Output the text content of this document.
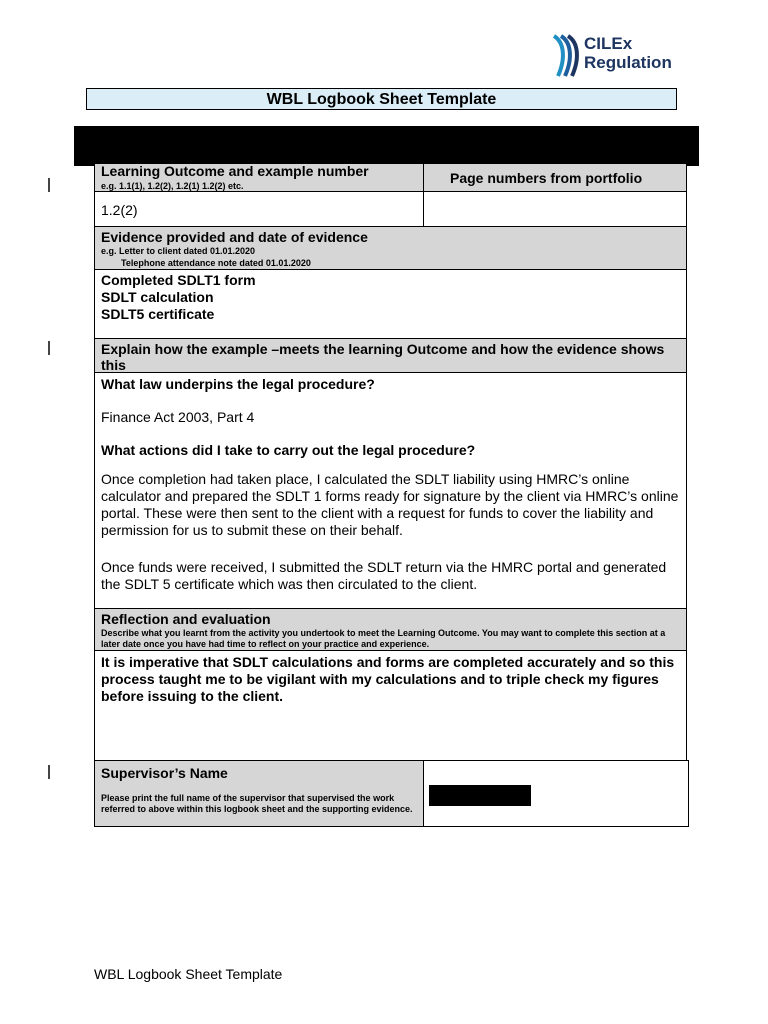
CILEx
Regulation
WBL Logbook Sheet Template
Learning Outcome and example number
e.g. 1.1(1), 1.2(2), 1.2(1) 1.2(2) etc.	Page numbers from portfolio
1.2(2)
Evidence provided and date of evidence
e.g. Letter to client dated 01.01.2020
Telephone attendance note dated 01.01.2020
Completed SDLT1 form
SDLT calculation
SDLT5 certificate
Explain how the example –meets the learning Outcome and how the evidence shows this
What law underpins the legal procedure?
Finance Act 2003, Part 4
What actions did I take to carry out the legal procedure?
Once completion had taken place, I calculated the SDLT liability using HMRC’s online calculator and prepared the SDLT 1 forms ready for signature by the client via HMRC’s online portal. These were then sent to the client with a request for funds to cover the liability and permission for us to submit these on their behalf.
Once funds were received, I submitted the SDLT return via the HMRC portal and generated the SDLT 5 certificate which was then circulated to the client.
Reflection and evaluation
Describe what you learnt from the activity you undertook to meet the Learning Outcome. You may want to complete this section at a later date once you have had time to reflect on your practice and experience.
It is imperative that SDLT calculations and forms are completed accurately and so this process taught me to be vigilant with my calculations and to triple check my figures before issuing to the client.
Supervisor’s Name
Please print the full name of the supervisor that supervised the work referred to above within this logbook sheet and the supporting evidence.
WBL Logbook Sheet Template
